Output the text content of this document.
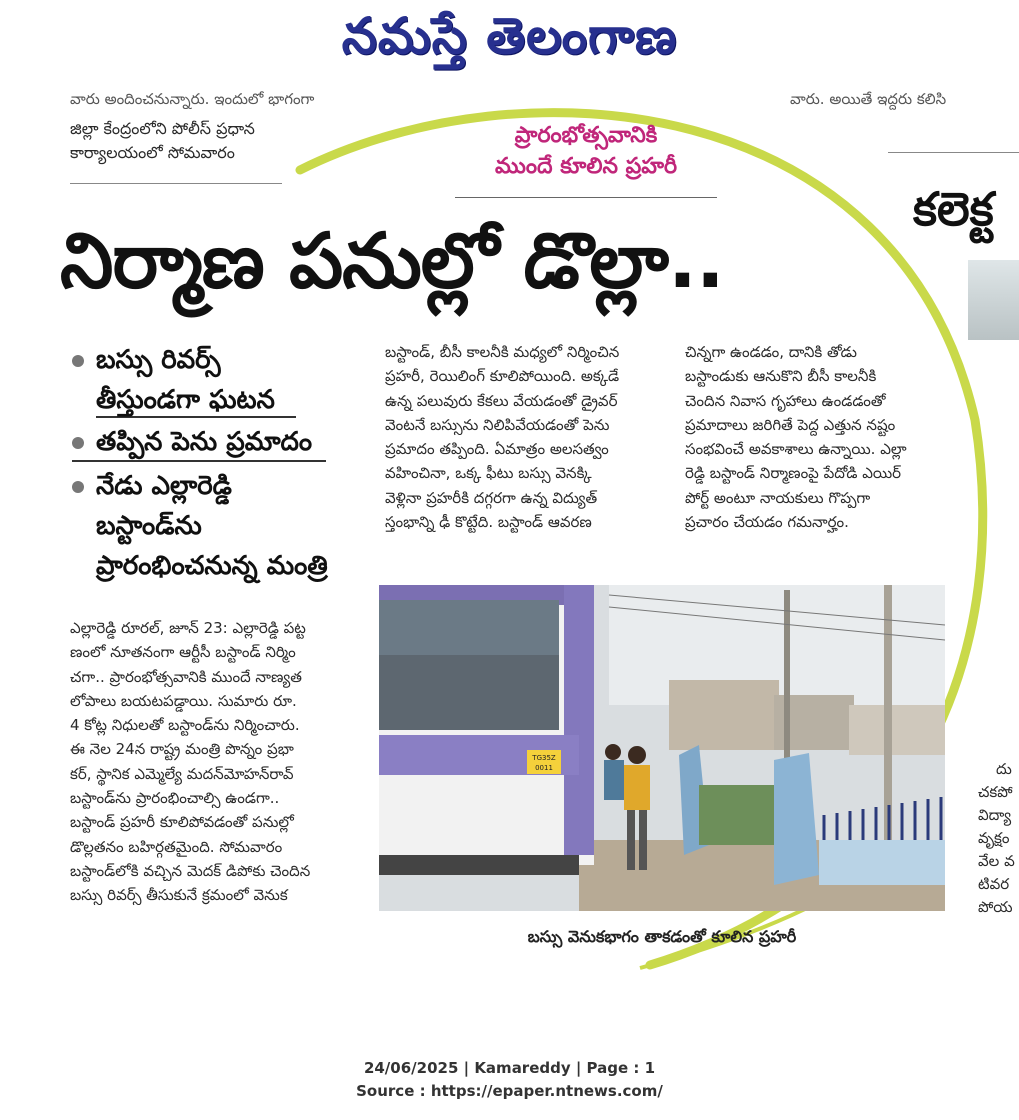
నమస్తే తెలంగాణ
వారు అందించనున్నారు. ఇందులో భాగంగా

జిల్లా కేంద్రంలోని పోలీస్ ప్రధాన

కార్యాలయంలో సోమవారం

వారు. అయితే ఇద్దరు కలిసి
ప్రారంభోత్సవానికి
ముందే కూలిన ప్రహరీ
కలెక్ట
నిర్మాణ పనుల్లో డొల్లా..
బస్సు రివర్స్
తీస్తుండగా ఘటన
తప్పిన పెను ప్రమాదం
నేడు ఎల్లారెడ్డి
బస్టాండ్‌ను
ప్రారంభించనున్న మంత్రి

ఎల్లారెడ్డి రూరల్, జూన్ 23: ఎల్లారెడ్డి పట్ట

ణంలో నూతనంగా ఆర్టీసీ బస్టాండ్ నిర్మిం

చగా.. ప్రారంభోత్సవానికి ముందే నాణ్యత

లోపాలు బయటపడ్డాయి. సుమారు రూ.

4 కోట్ల నిధులతో బస్టాండ్‌ను నిర్మించారు.

ఈ నెల 24న రాష్ట్ర మంత్రి పొన్నం ప్రభా

కర్, స్థానిక ఎమ్మెల్యే మదన్‌మోహన్‌రావ్

బస్టాండ్‌ను ప్రారంభించాల్సి ఉండగా..

బస్టాండ్ ప్రహరీ కూలిపోవడంతో పనుల్లో

డొల్లతనం బహిర్గతమైంది. సోమవారం

బస్టాండ్‌లోకి వచ్చిన మెదక్ డిపోకు చెందిన

బస్సు రివర్స్ తీసుకునే క్రమంలో వెనుక

బస్టాండ్, బీసీ కాలనీకి మధ్యలో నిర్మించిన

ప్రహరీ, రెయిలింగ్ కూలిపోయింది. అక్కడే

ఉన్న పలువురు కేకలు వేయడంతో డ్రైవర్

వెంటనే బస్సును నిలిపివేయడంతో పెను

ప్రమాదం తప్పింది. ఏమాత్రం అలసత్వం

వహించినా, ఒక్క ఫీటు బస్సు వెనక్కి

వెళ్లినా ప్రహరీకి దగ్గరగా ఉన్న విద్యుత్

స్తంభాన్ని ఢీ కొట్టేది. బస్టాండ్ ఆవరణ

చిన్నగా ఉండడం, దానికి తోడు

బస్టాండుకు ఆనుకొని బీసీ కాలనీకి

చెందిన నివాస గృహాలు ఉండడంతో

ప్రమాదాలు జరిగితే పెద్ద ఎత్తున నష్టం

సంభవించే అవకాశాలు ఉన్నాయి. ఎల్లా

రెడ్డి బస్టాండ్ నిర్మాణంపై పేదోడి ఎయిర్

పోర్ట్ అంటూ నాయకులు గొప్పగా

ప్రచారం చేయడం గమనార్హం.

TG35Z
0011
బస్సు వెనుకభాగం తాకడంతో కూలిన ప్రహరీ

దు

చకపో

విద్యా

వృక్షం

వేల వ

టివర

పోయ

24/06/2025 | Kamareddy | Page : 1
Source : https://epaper.ntnews.com/
